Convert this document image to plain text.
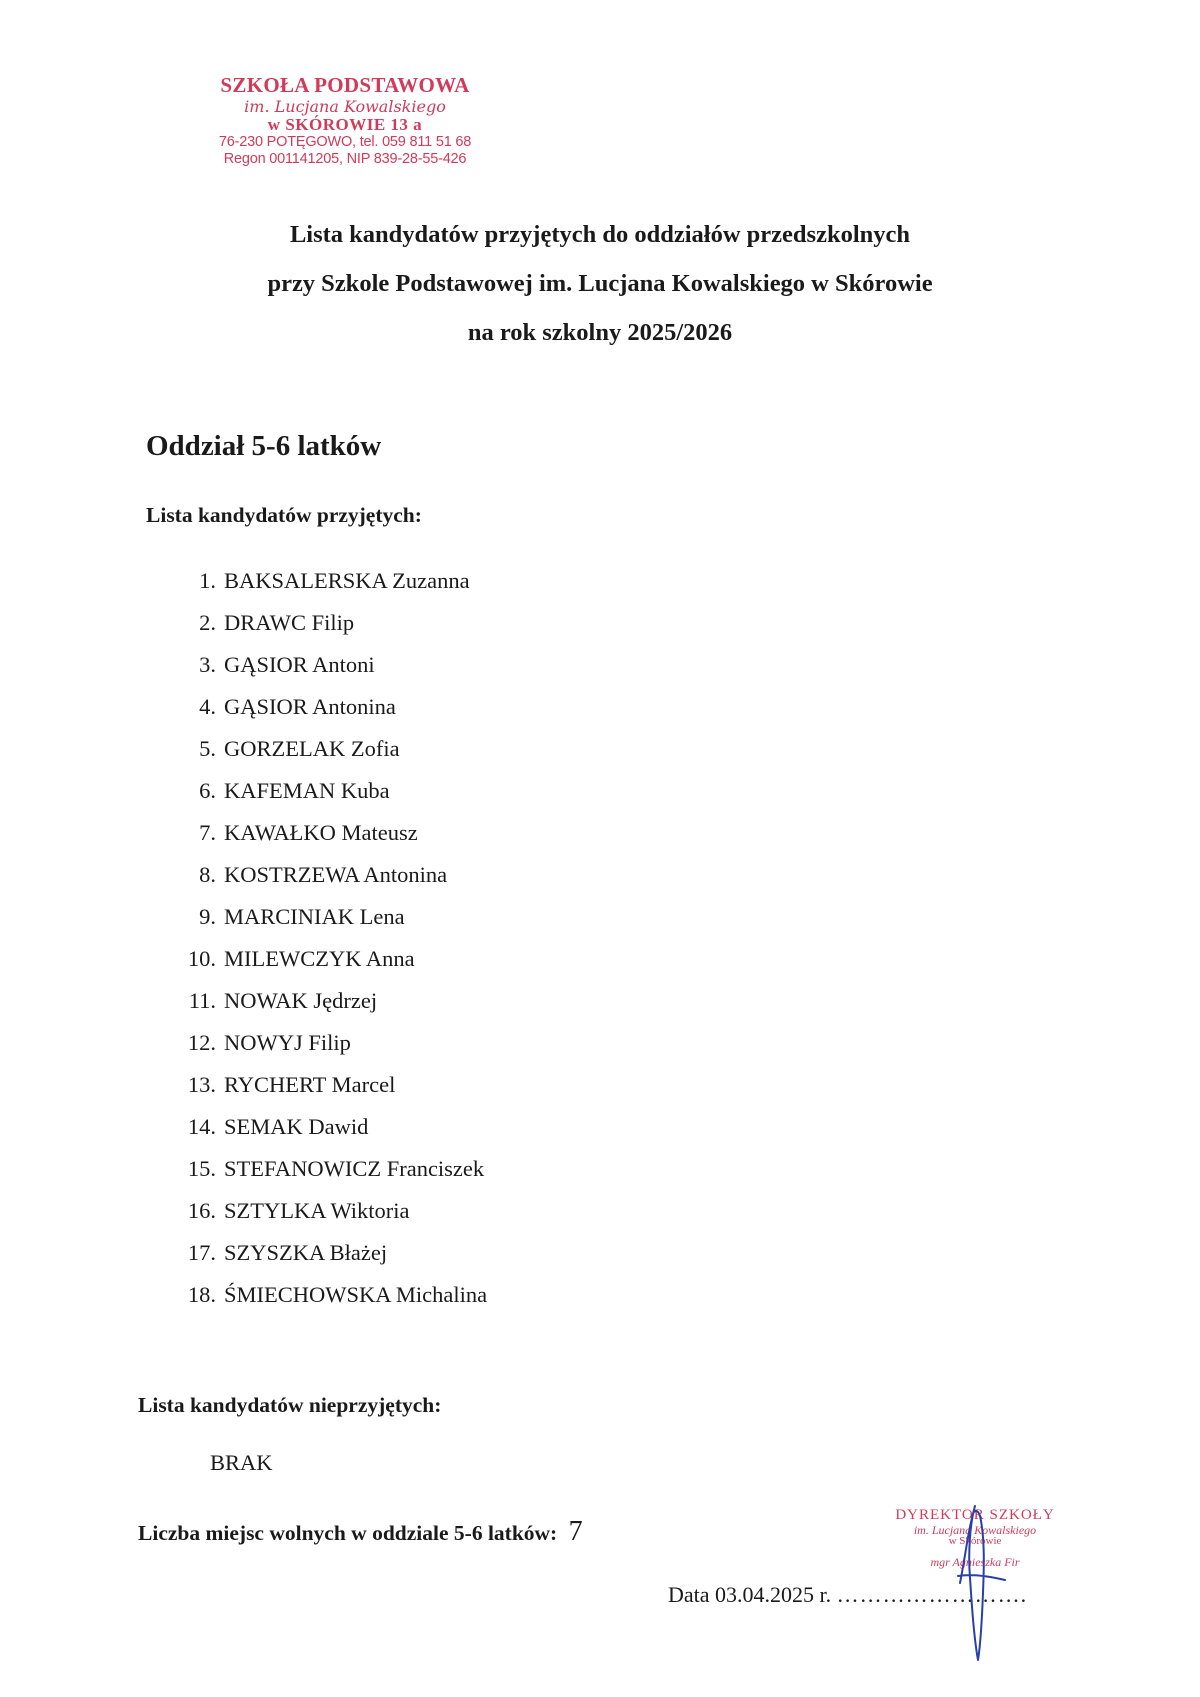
SZKOŁA PODSTAWOWA
im. Lucjana Kowalskiego
w SKÓROWIE 13 a
76-230 POTĘGOWO, tel. 059 811 51 68
Regon 001141205, NIP 839-28-55-426
Lista kandydatów przyjętych do oddziałów przedszkolnych
przy Szkole Podstawowej im. Lucjana Kowalskiego w Skórowie
na rok szkolny 2025/2026
Oddział 5-6 latków
Lista kandydatów przyjętych:
1. BAKSALERSKA Zuzanna
2. DRAWC Filip
3. GĄSIOR Antoni
4. GĄSIOR Antonina
5. GORZELAK Zofia
6. KAFEMAN Kuba
7. KAWAŁKO Mateusz
8. KOSTRZEWA Antonina
9. MARCINIAK Lena
10. MILEWCZYK Anna
11. NOWAK Jędrzej
12. NOWYJ Filip
13. RYCHERT Marcel
14. SEMAK Dawid
15. STEFANOWICZ Franciszek
16. SZTYLKA Wiktoria
17. SZYSZKA Błażej
18. ŚMIECHOWSKA Michalina
Lista kandydatów nieprzyjętych:
BRAK
Liczba miejsc wolnych w oddziale 5-6 latków: 7
DYREKTOR SZKOŁY
im. Lucjana Kowalskiego
w Skórowie
mgr Agnieszka Fir
Data 03.04.2025 r. …………………….
